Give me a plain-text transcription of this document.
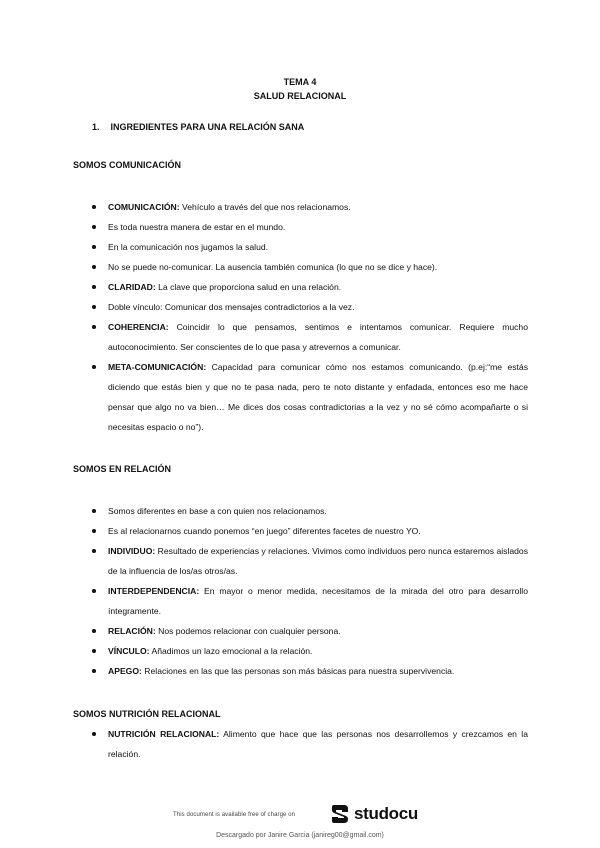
TEMA 4
SALUD RELACIONAL
1. INGREDIENTES PARA UNA RELACIÓN SANA
SOMOS COMUNICACIÓN
COMUNICACIÓN: Vehículo a través del que nos relacionamos.
Es toda nuestra manera de estar en el mundo.
En la comunicación nos jugamos la salud.
No se puede no-comunicar. La ausencia también comunica (lo que no se dice y hace).
CLARIDAD: La clave que proporciona salud en una relación.
Doble vínculo: Comunicar dos mensajes contradictorios a la vez.
COHERENCIA: Coincidir lo que pensamos, sentimos e intentamos comunicar. Requiere mucho autoconocimiento. Ser conscientes de lo que pasa y atrevernos a comunicar.
META-COMUNICACIÓN: Capacidad para comunicar cómo nos estamos comunicando. (p.ej:“me estás diciendo que estás bien y que no te pasa nada, pero te noto distante y enfadada, entonces eso me hace pensar que algo no va bien… Me dices dos cosas contradictorias a la vez y no sé cómo acompañarte o si necesitas espacio o no”).
SOMOS EN RELACIÓN
Somos diferentes en base a con quien nos relacionamos.
Es al relacionarnos cuando ponemos “en juego” diferentes facetes de nuestro YO.
INDIVIDUO: Resultado de experiencias y relaciones. Vivimos como individuos pero nunca estaremos aislados de la influencia de los/as otros/as.
INTERDEPENDENCIA: En mayor o menor medida, necesitamos de la mirada del otro para desarrollo íntegramente.
RELACIÓN: Nos podemos relacionar con cualquier persona.
VÍNCULO: Añadimos un lazo emocional a la relación.
APEGO: Relaciones en las que las personas son más básicas para nuestra supervivencia.
SOMOS NUTRICIÓN RELACIONAL
NUTRICIÓN RELACIONAL: Alimento que hace que las personas nos desarrollemos y crezcamos en la relación.
This document is available free of charge on	studocu
Descargado por Janire Garcia (janireg00@gmail.com)
